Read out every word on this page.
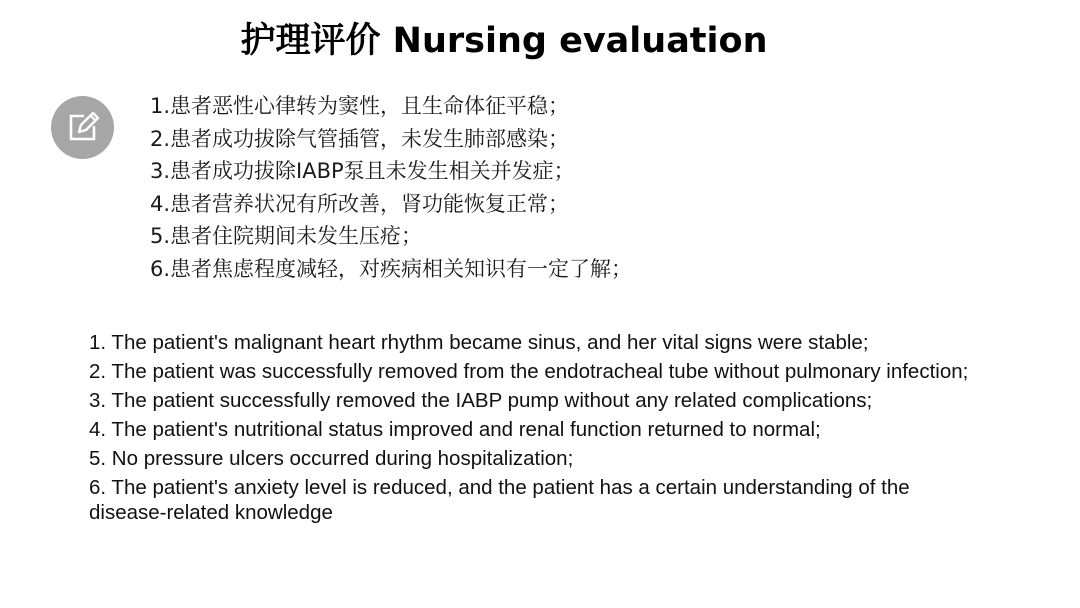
护理评价 Nursing evaluation
1.患者恶性心律转为窦性，且生命体征平稳；
2.患者成功拔除气管插管，未发生肺部感染；
3.患者成功拔除IABP泵且未发生相关并发症；
4.患者营养状况有所改善，肾功能恢复正常；
5.患者住院期间未发生压疮；
6.患者焦虑程度减轻，对疾病相关知识有一定了解；
1. The patient's malignant heart rhythm became sinus, and her vital signs were stable;
2. The patient was successfully removed from the endotracheal tube without pulmonary infection;
3. The patient successfully removed the IABP pump without any related complications;
4. The patient's nutritional status improved and renal function returned to normal;
5. No pressure ulcers occurred during hospitalization;
6. The patient's anxiety level is reduced, and the patient has a certain understanding of the disease-related knowledge
